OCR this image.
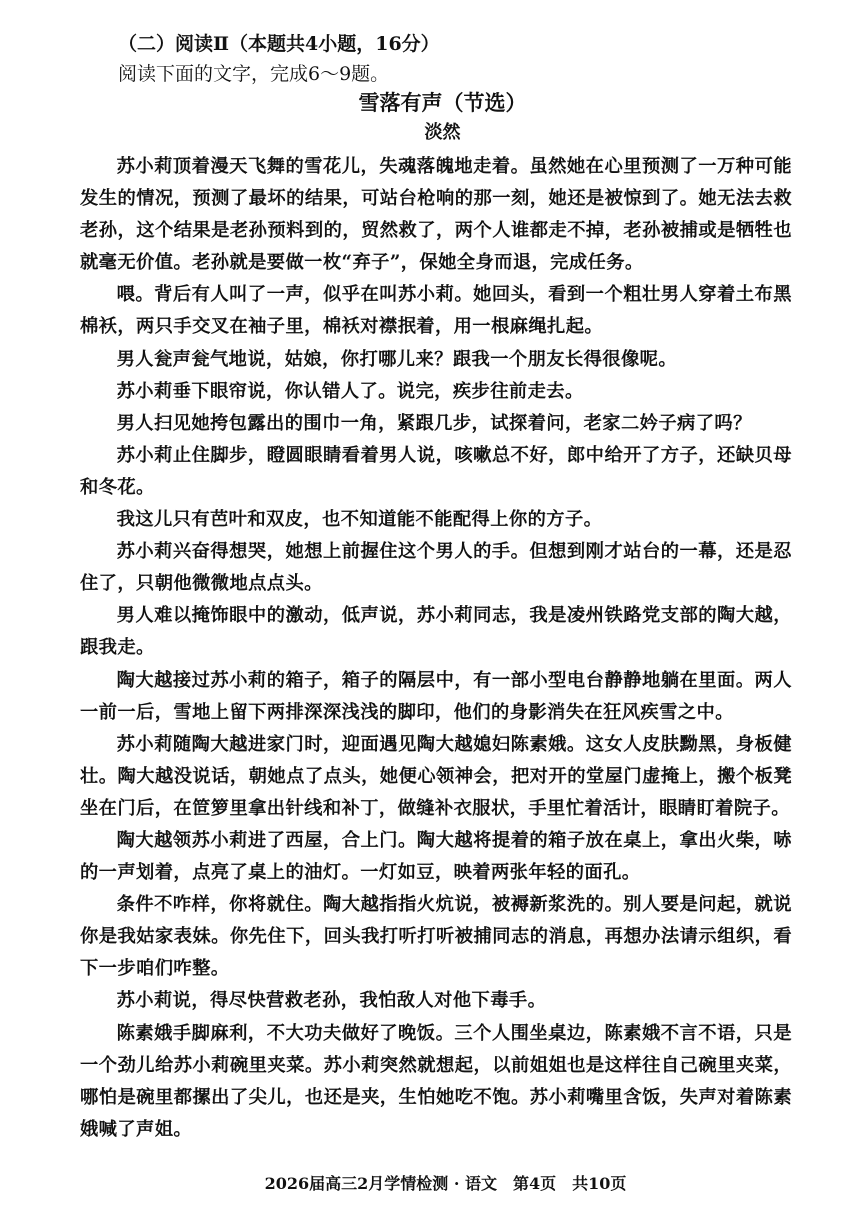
（二）阅读Ⅱ（本题共4小题，16分）
阅读下面的文字，完成6～9题。
雪落有声（节选）
淡然

苏小莉顶着漫天飞舞的雪花儿，失魂落魄地走着。虽然她在心里预测了一万种可能发生的情况，预测了最坏的结果，可站台枪响的那一刻，她还是被惊到了。她无法去救老孙，这个结果是老孙预料到的，贸然救了，两个人谁都走不掉，老孙被捕或是牺牲也就毫无价值。老孙就是要做一枚“弃子”，保她全身而退，完成任务。

喂。背后有人叫了一声，似乎在叫苏小莉。她回头，看到一个粗壮男人穿着土布黑棉袄，两只手交叉在袖子里，棉袄对襟抿着，用一根麻绳扎起。

男人瓮声瓮气地说，姑娘，你打哪儿来？跟我一个朋友长得很像呢。

苏小莉垂下眼帘说，你认错人了。说完，疾步往前走去。

男人扫见她挎包露出的围巾一角，紧跟几步，试探着问，老家二妗子病了吗？

苏小莉止住脚步，瞪圆眼睛看着男人说，咳嗽总不好，郎中给开了方子，还缺贝母和冬花。

我这儿只有芭叶和双皮，也不知道能不能配得上你的方子。

苏小莉兴奋得想哭，她想上前握住这个男人的手。但想到刚才站台的一幕，还是忍住了，只朝他微微地点点头。

男人难以掩饰眼中的激动，低声说，苏小莉同志，我是凌州铁路党支部的陶大越，跟我走。

陶大越接过苏小莉的箱子，箱子的隔层中，有一部小型电台静静地躺在里面。两人一前一后，雪地上留下两排深深浅浅的脚印，他们的身影消失在狂风疾雪之中。

苏小莉随陶大越进家门时，迎面遇见陶大越媳妇陈素娥。这女人皮肤黝黑，身板健壮。陶大越没说话，朝她点了点头，她便心领神会，把对开的堂屋门虚掩上，搬个板凳坐在门后，在笸箩里拿出针线和补丁，做缝补衣服状，手里忙着活计，眼睛盯着院子。

陶大越领苏小莉进了西屋，合上门。陶大越将提着的箱子放在桌上，拿出火柴，哧的一声划着，点亮了桌上的油灯。一灯如豆，映着两张年轻的面孔。

条件不咋样，你将就住。陶大越指指火炕说，被褥新浆洗的。别人要是问起，就说你是我姑家表妹。你先住下，回头我打听打听被捕同志的消息，再想办法请示组织，看下一步咱们咋整。

苏小莉说，得尽快营救老孙，我怕敌人对他下毒手。

陈素娥手脚麻利，不大功夫做好了晚饭。三个人围坐桌边，陈素娥不言不语，只是一个劲儿给苏小莉碗里夹菜。苏小莉突然就想起，以前姐姐也是这样往自己碗里夹菜，哪怕是碗里都摞出了尖儿，也还是夹，生怕她吃不饱。苏小莉嘴里含饭，失声对着陈素娥喊了声姐。

2026届高三2月学情检测 · 语文　第4页　共10页
